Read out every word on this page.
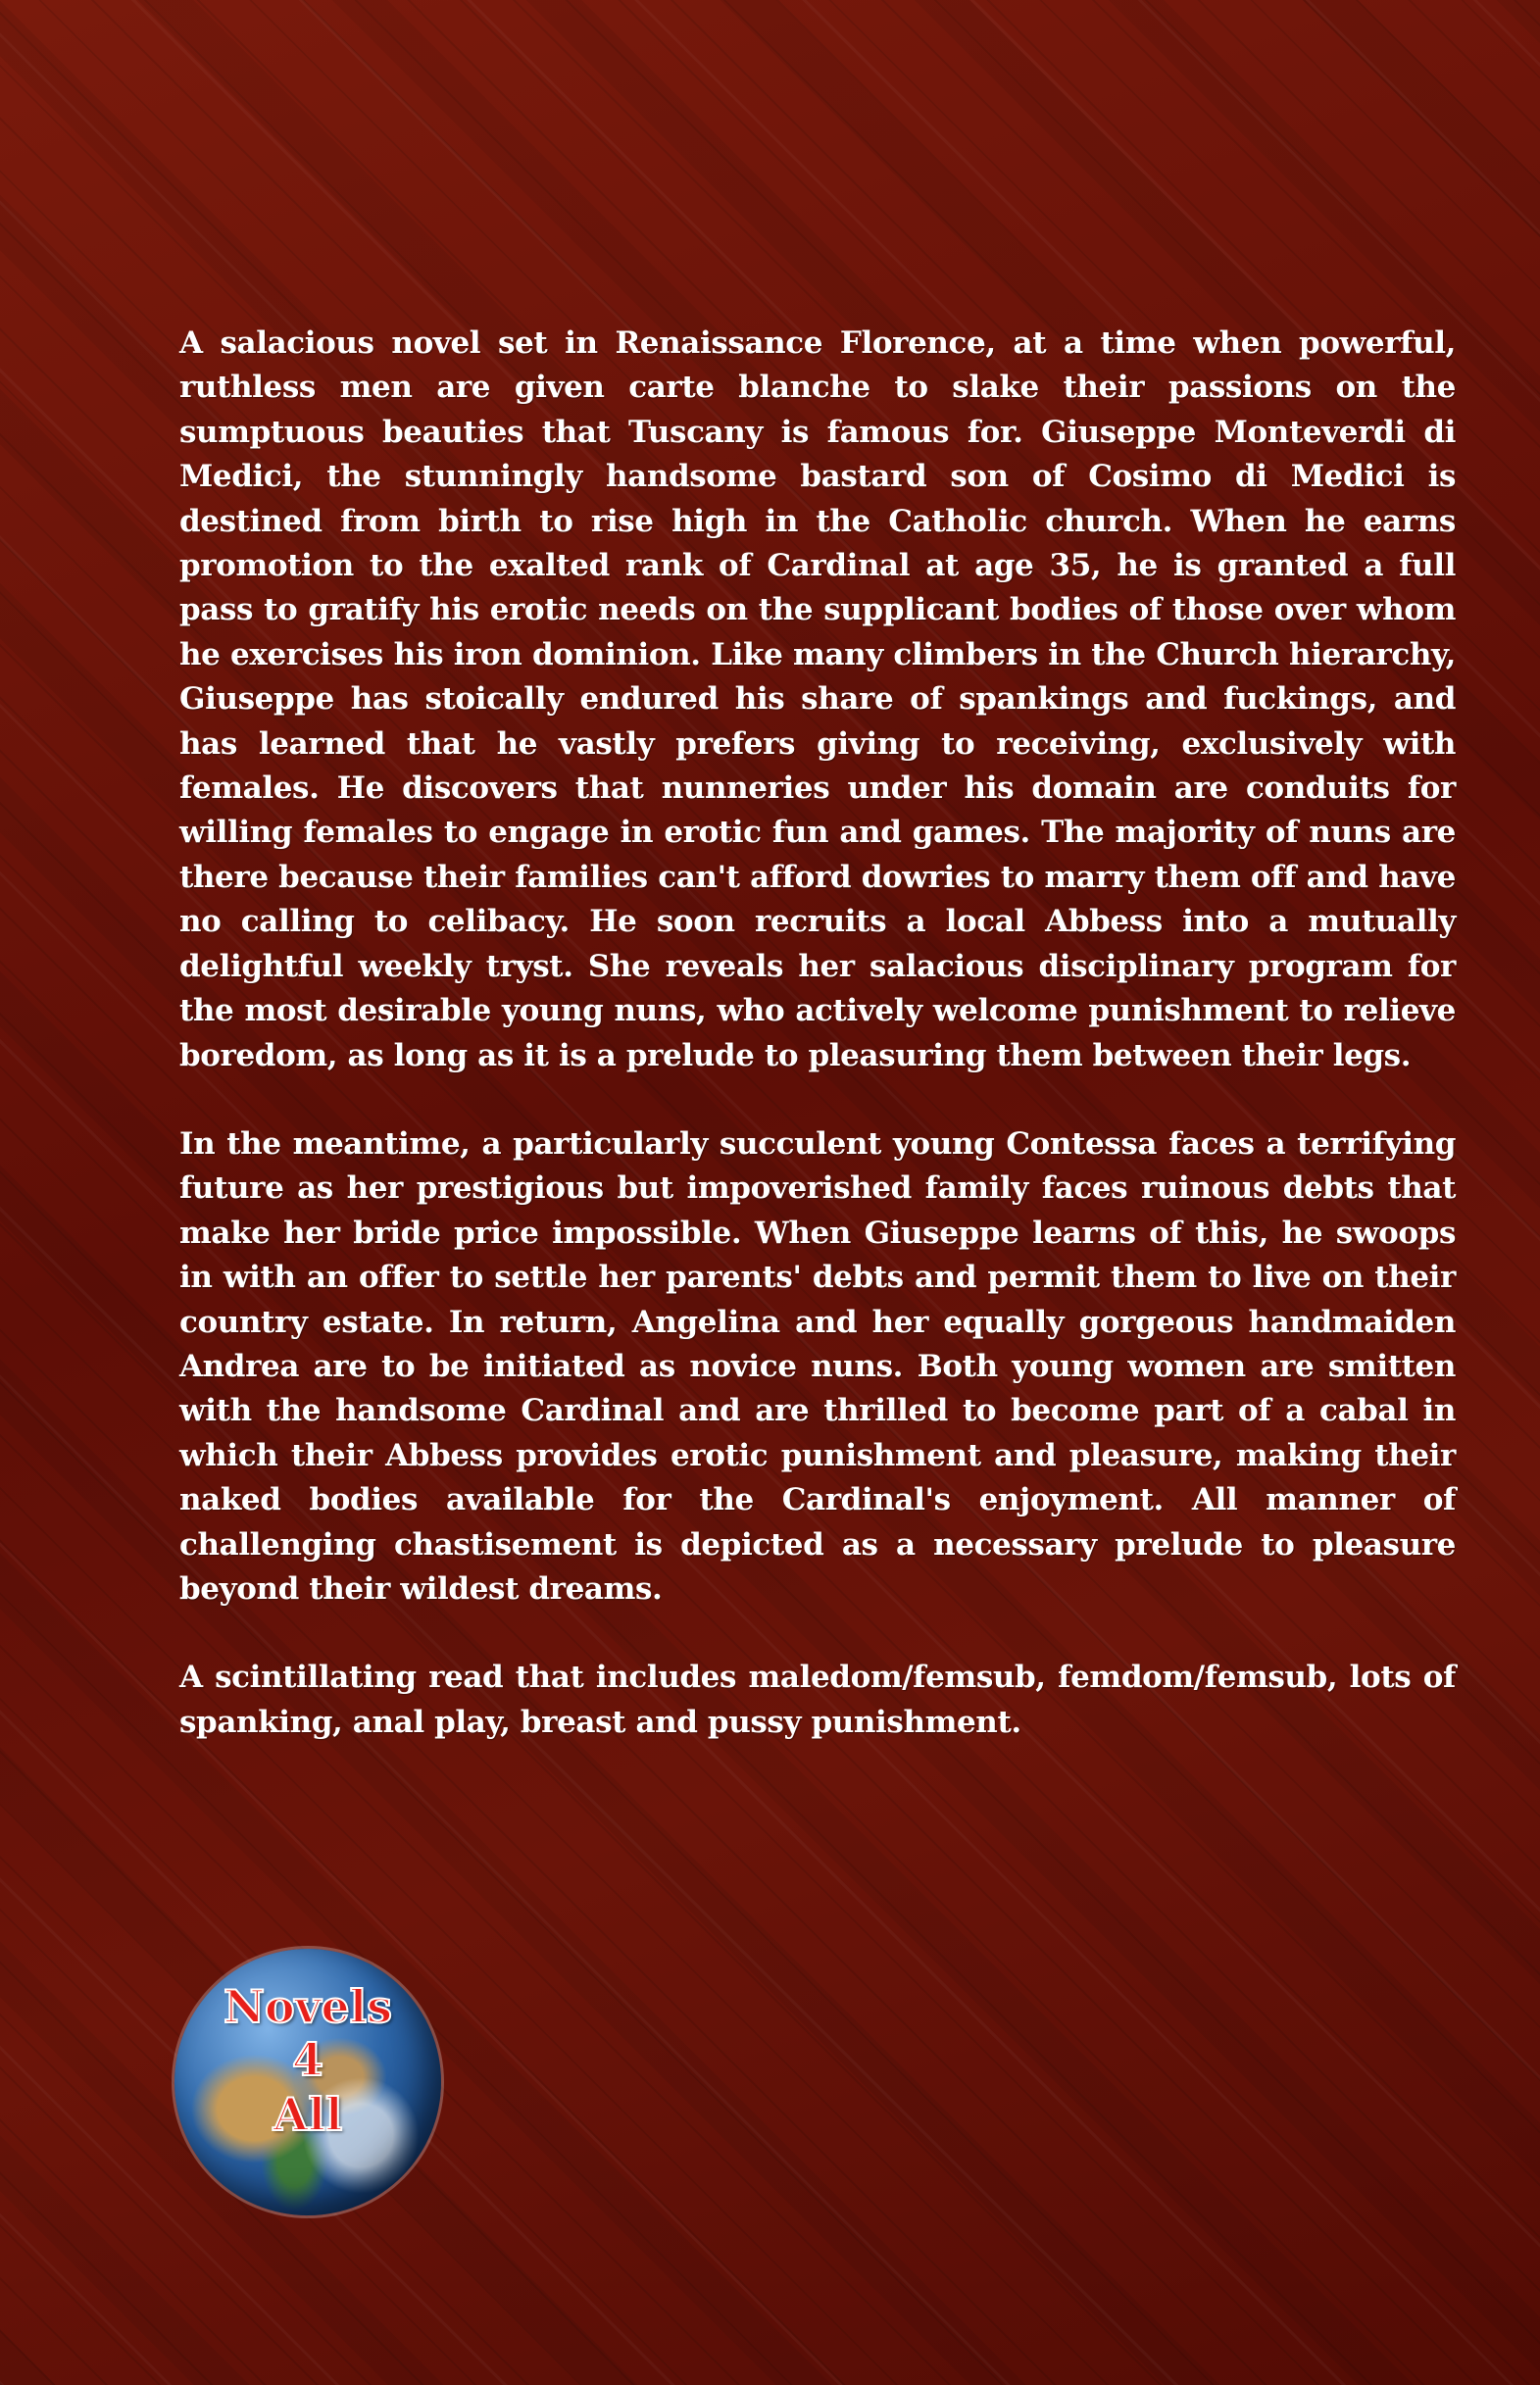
A salacious novel set in Renaissance Florence, at a time when powerful, ruthless men are given carte blanche to slake their passions on the sumptuous beauties that Tuscany is famous for. Giuseppe Monteverdi di Medici, the stunningly handsome bastard son of Cosimo di Medici is destined from birth to rise high in the Catholic church. When he earns promotion to the exalted rank of Cardinal at age 35, he is granted a full pass to gratify his erotic needs on the supplicant bodies of those over whom he exercises his iron dominion. Like many climbers in the Church hierarchy, Giuseppe has stoically endured his share of spankings and fuckings, and has learned that he vastly prefers giving to receiving, exclusively with females. He discovers that nunneries under his domain are conduits for willing females to engage in erotic fun and games. The majority of nuns are there because their families can't afford dowries to marry them off and have no calling to celibacy. He soon recruits a local Abbess into a mutually delightful weekly tryst. She reveals her salacious disciplinary program for the most desirable young nuns, who actively welcome punishment to relieve boredom, as long as it is a prelude to pleasuring them between their legs.

In the meantime, a particularly succulent young Contessa faces a terrifying future as her prestigious but impoverished family faces ruinous debts that make her bride price impossible. When Giuseppe learns of this, he swoops in with an offer to settle her parents' debts and permit them to live on their country estate. In return, Angelina and her equally gorgeous handmaiden Andrea are to be initiated as novice nuns. Both young women are smitten with the handsome Cardinal and are thrilled to become part of a cabal in which their Abbess provides erotic punishment and pleasure, making their naked bodies available for the Cardinal's enjoyment. All manner of challenging chastisement is depicted as a necessary prelude to pleasure beyond their wildest dreams.

A scintillating read that includes maledom/femsub, femdom/femsub, lots of spanking, anal play, breast and pussy punishment.

Novels
4
All
